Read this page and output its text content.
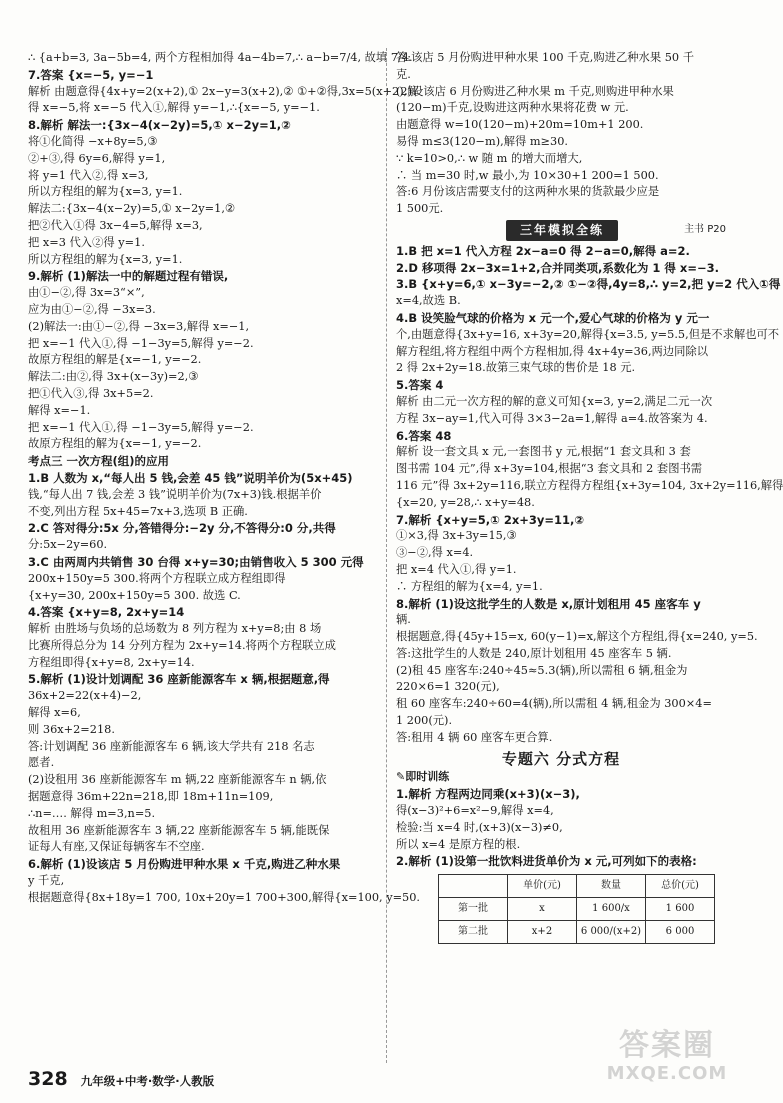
∴ {a+b=3, 3a−5b=4, 两个方程相加得 4a−4b=7,∴ a−b=7/4, 故填 7/4.
7.答案 {x=−5, y=−1
解析 由题意得{4x+y=2(x+2),① 2x−y=3(x+2),② ①+②得,3x=5(x+2),解
得 x=−5,将 x=−5 代入①,解得 y=−1,∴{x=−5, y=−1.
8.解析 解法一:{3x−4(x−2y)=5,① x−2y=1,②
将①化简得 −x+8y=5,③
②+③,得 6y=6,解得 y=1,
将 y=1 代入②,得 x=3,
所以方程组的解为{x=3, y=1.
解法二:{3x−4(x−2y)=5,① x−2y=1,②
把②代入①得 3x−4=5,解得 x=3,
把 x=3 代入②得 y=1.
所以方程组的解为{x=3, y=1.
9.解析 (1)解法一中的解题过程有错误,
由①−②,得 3x=3“×”,
应为由①−②,得 −3x=3.
(2)解法一:由①−②,得 −3x=3,解得 x=−1,
把 x=−1 代入①,得 −1−3y=5,解得 y=−2.
故原方程组的解是{x=−1, y=−2.
解法二:由②,得 3x+(x−3y)=2,③
把①代入③,得 3x+5=2.
解得 x=−1.
把 x=−1 代入①,得 −1−3y=5,解得 y=−2.
故原方程组的解为{x=−1, y=−2.
考点三 一次方程(组)的应用
1.B 人数为 x,“每人出 5 钱,会差 45 钱”说明羊价为(5x+45)
钱,“每人出 7 钱,会差 3 钱”说明羊价为(7x+3)钱.根据羊价
不变,列出方程 5x+45=7x+3,选项 B 正确.
2.C 答对得分:5x 分,答错得分:−2y 分,不答得分:0 分,共得
分:5x−2y=60.
3.C 由两周内共销售 30 台得 x+y=30;由销售收入 5 300 元得
200x+150y=5 300.将两个方程联立成方程组即得
{x+y=30, 200x+150y=5 300. 故选 C.
4.答案 {x+y=8, 2x+y=14
解析 由胜场与负场的总场数为 8 列方程为 x+y=8;由 8 场
比赛所得总分为 14 分列方程为 2x+y=14.将两个方程联立成
方程组即得{x+y=8, 2x+y=14.
5.解析 (1)设计划调配 36 座新能源客车 x 辆,根据题意,得
36x+2=22(x+4)−2,
解得 x=6,
则 36x+2=218.
答:计划调配 36 座新能源客车 6 辆,该大学共有 218 名志
愿者.
(2)设租用 36 座新能源客车 m 辆,22 座新能源客车 n 辆,依
据题意得 36m+22n=218,即 18m+11n=109,
∴n=…. 解得 m=3,n=5.
故租用 36 座新能源客车 3 辆,22 座新能源客车 5 辆,能既保
证每人有座,又保证每辆客车不空座.
6.解析 (1)设该店 5 月份购进甲种水果 x 千克,购进乙种水果
y 千克,
根据题意得{8x+18y=1 700, 10x+20y=1 700+300,解得{x=100, y=50.
答:该店 5 月份购进甲种水果 100 千克,购进乙种水果 50 千
克.
(2)设该店 6 月份购进乙种水果 m 千克,则购进甲种水果
(120−m)千克,设购进这两种水果将花费 w 元.
由题意得 w=10(120−m)+20m=10m+1 200.
易得 m≤3(120−m),解得 m≥30.
∵ k=10>0,∴ w 随 m 的增大而增大,
∴ 当 m=30 时,w 最小,为 10×30+1 200=1 500.
答:6 月份该店需要支付的这两种水果的货款最少应是
1 500元.
三年模拟全练	主书 P20
1.B 把 x=1 代入方程 2x−a=0 得 2−a=0,解得 a=2.
2.D 移项得 2x−3x=1+2,合并同类项,系数化为 1 得 x=−3.
3.B {x+y=6,① x−3y=−2,② ①−②得,4y=8,∴ y=2,把 y=2 代入①得
x=4,故选 B.
4.B 设笑脸气球的价格为 x 元一个,爱心气球的价格为 y 元一
个,由题意得{3x+y=16, x+3y=20,解得{x=3.5, y=5.5,但是不求解也可不
解方程组,将方程组中两个方程相加,得 4x+4y=36,两边同除以
2 得 2x+2y=18.故第三束气球的售价是 18 元.
5.答案 4
解析 由二元一次方程的解的意义可知{x=3, y=2,满足二元一次
方程 3x−ay=1,代入可得 3×3−2a=1,解得 a=4.故答案为 4.
6.答案 48
解析 设一套文具 x 元,一套图书 y 元,根据“1 套文具和 3 套
图书需 104 元”,得 x+3y=104,根据“3 套文具和 2 套图书需
116 元”得 3x+2y=116,联立方程得方程组{x+3y=104, 3x+2y=116,解得
{x=20, y=28,∴ x+y=48.
7.解析 {x+y=5,① 2x+3y=11,②
①×3,得 3x+3y=15,③
③−②,得 x=4.
把 x=4 代入①,得 y=1.
∴ 方程组的解为{x=4, y=1.
8.解析 (1)设这批学生的人数是 x,原计划租用 45 座客车 y
辆.
根据题意,得{45y+15=x, 60(y−1)=x,解这个方程组,得{x=240, y=5.
答:这批学生的人数是 240,原计划租用 45 座客车 5 辆.
(2)租 45 座客车:240÷45≈5.3(辆),所以需租 6 辆,租金为
220×6=1 320(元),
租 60 座客车:240÷60=4(辆),所以需租 4 辆,租金为 300×4=
1 200(元).
答:租用 4 辆 60 座客车更合算.
专题六 分式方程
✎即时训练
1.解析 方程两边同乘(x+3)(x−3),
得(x−3)²+6=x²−9,解得 x=4,
检验:当 x=4 时,(x+3)(x−3)≠0,
所以 x=4 是原方程的根.
2.解析 (1)设第一批饮料进货单价为 x 元,可列如下的表格:
	单价(元)	数量	总价(元)
第一批	x	1 600/x	1 600
第二批	x+2	6 000/(x+2)	6 000
328 九年级+中考·数学·人教版
答案圈
MXQE.COM
